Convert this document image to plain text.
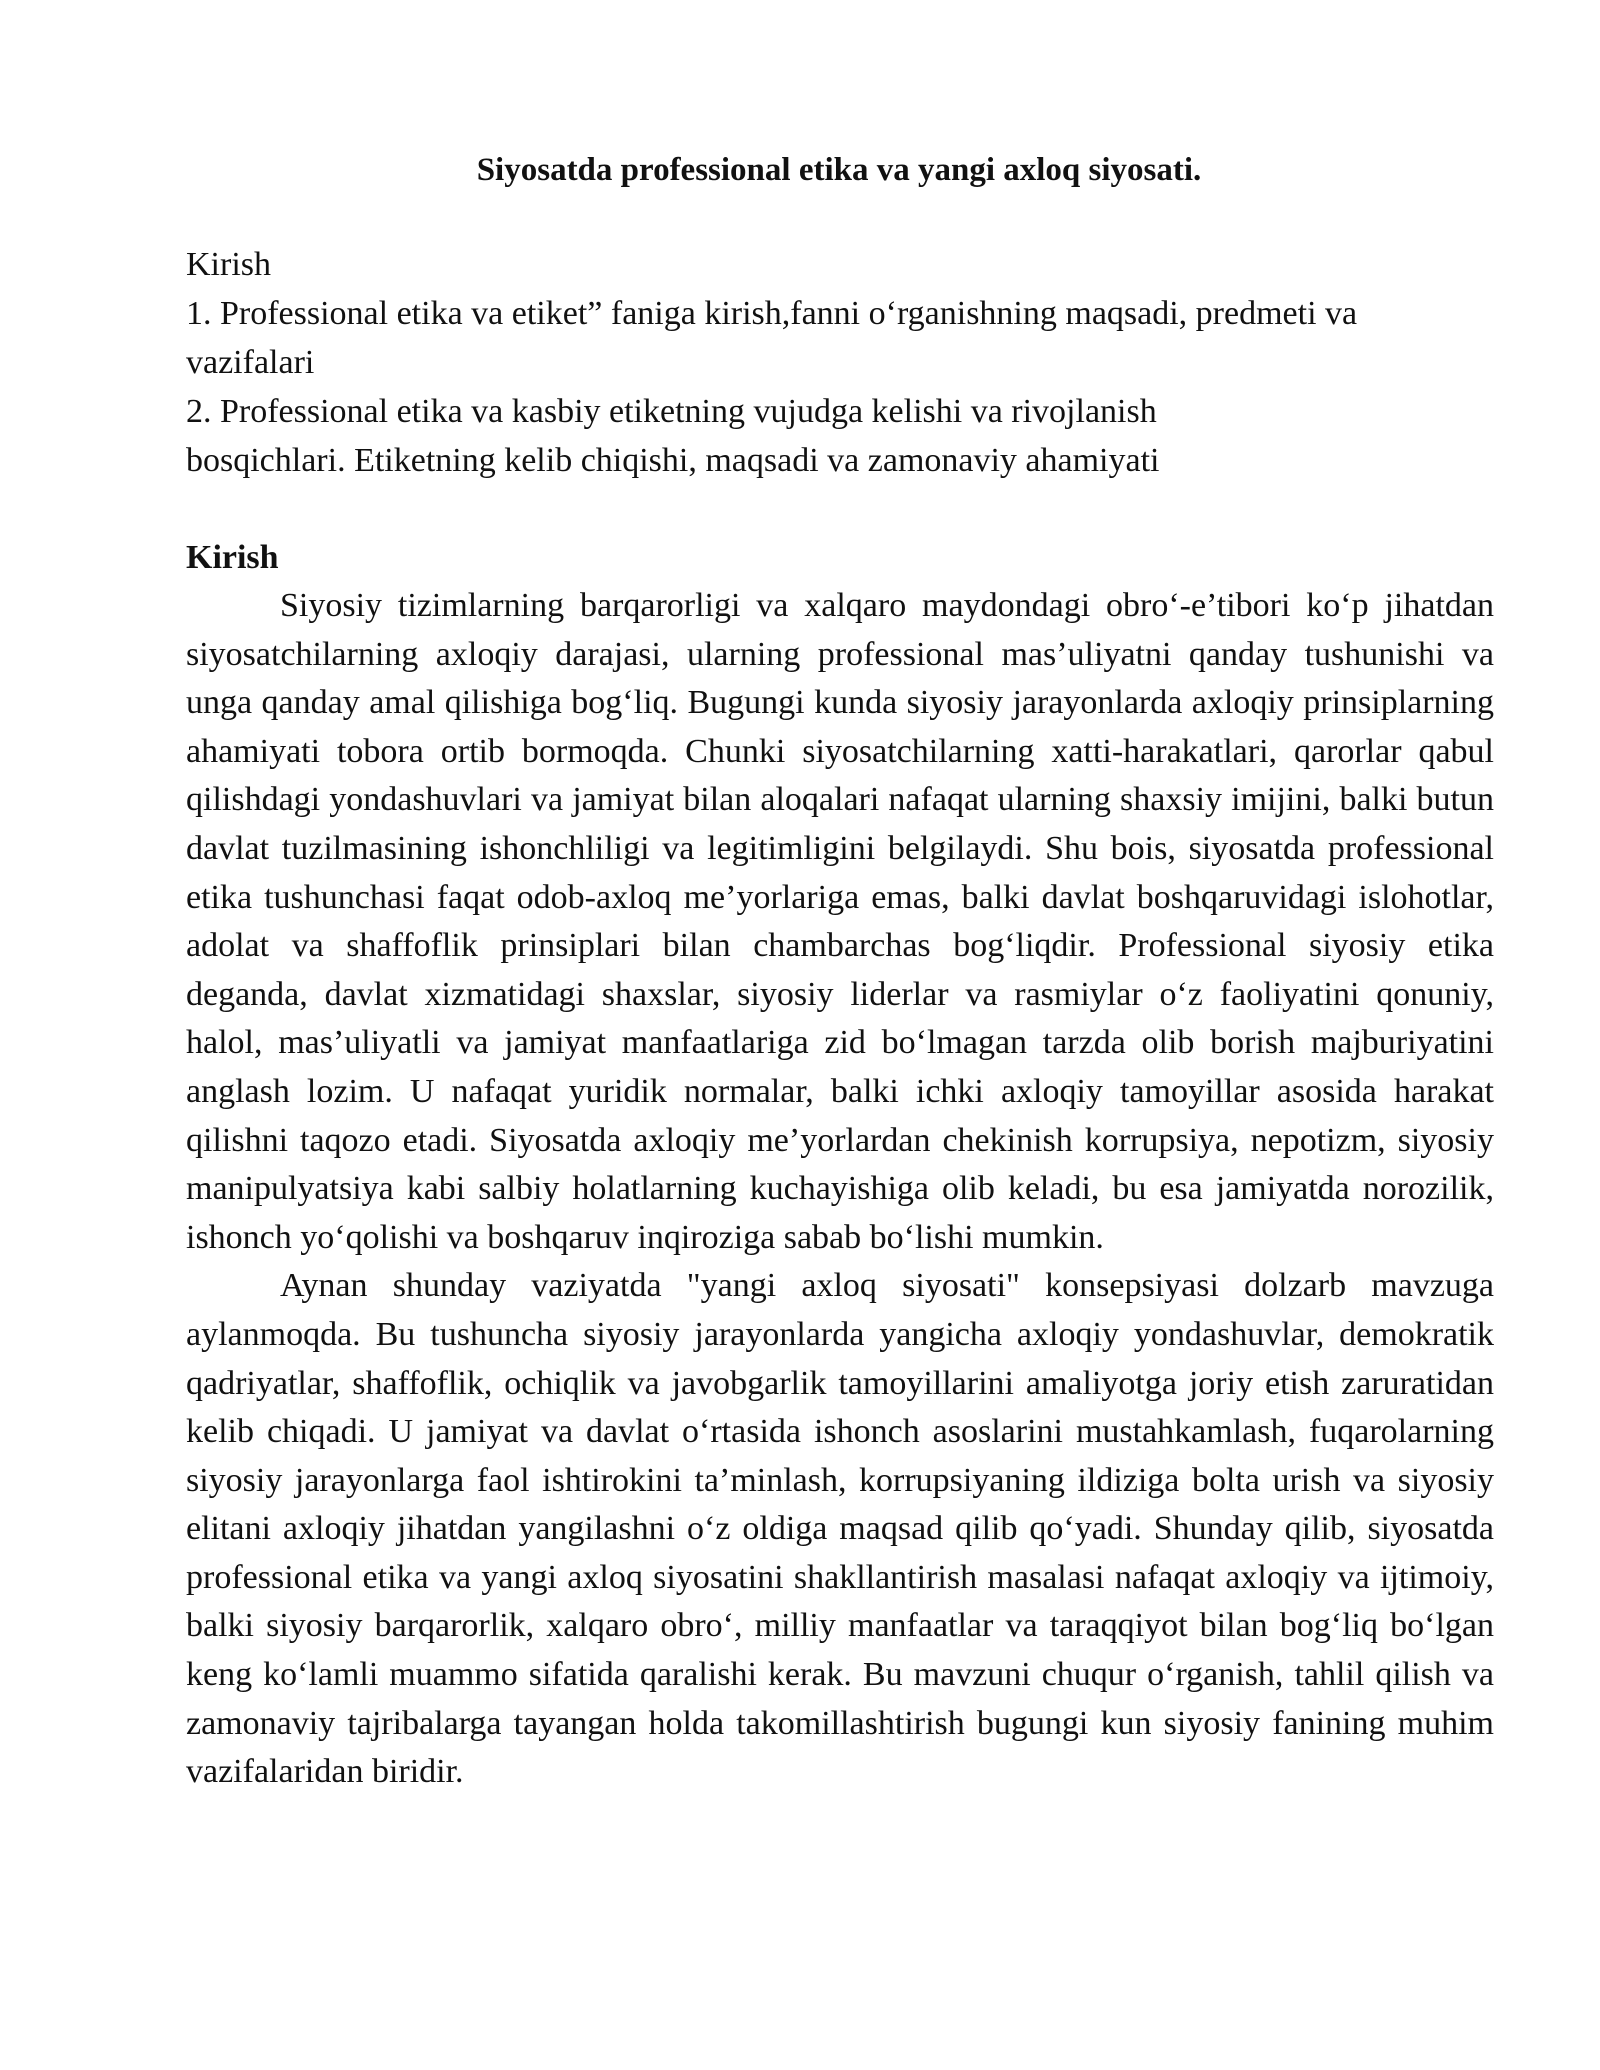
Siyosatda professional etika va yangi axloq siyosati.
Kirish
1. Professional etika va etiket” faniga kirish,fanni o‘rganishning maqsadi, predmeti va
vazifalari
2. Professional etika va kasbiy etiketning vujudga kelishi va rivojlanish
bosqichlari. Etiketning kelib chiqishi, maqsadi va zamonaviy ahamiyati
Kirish

Siyosiy tizimlarning barqarorligi va xalqaro maydondagi obro‘-e’tibori ko‘p jihatdan siyosatchilarning axloqiy darajasi, ularning professional mas’uliyatni qanday tushunishi va unga qanday amal qilishiga bog‘liq. Bugungi kunda siyosiy jarayonlarda axloqiy prinsiplarning ahamiyati tobora ortib bormoqda. Chunki siyosatchilarning xatti-harakatlari, qarorlar qabul qilishdagi yondashuvlari va jamiyat bilan aloqalari nafaqat ularning shaxsiy imijini, balki butun davlat tuzilmasining ishonchliligi va legitimligini belgilaydi. Shu bois, siyosatda professional etika tushunchasi faqat odob-axloq me’yorlariga emas, balki davlat boshqaruvidagi islohotlar, adolat va shaffoflik prinsiplari bilan chambarchas bog‘liqdir. Professional siyosiy etika deganda, davlat xizmatidagi shaxslar, siyosiy liderlar va rasmiylar o‘z faoliyatini qonuniy, halol, mas’uliyatli va jamiyat manfaatlariga zid bo‘lmagan tarzda olib borish majburiyatini anglash lozim. U nafaqat yuridik normalar, balki ichki axloqiy tamoyillar asosida harakat qilishni taqozo etadi. Siyosatda axloqiy me’yorlardan chekinish korrupsiya, nepotizm, siyosiy manipulyatsiya kabi salbiy holatlarning kuchayishiga olib keladi, bu esa jamiyatda norozilik, ishonch yo‘qolishi va boshqaruv inqiroziga sabab bo‘lishi mumkin.

Aynan shunday vaziyatda "yangi axloq siyosati" konsepsiyasi dolzarb mavzuga aylanmoqda. Bu tushuncha siyosiy jarayonlarda yangicha axloqiy yondashuvlar, demokratik qadriyatlar, shaffoflik, ochiqlik va javobgarlik tamoyillarini amaliyotga joriy etish zaruratidan kelib chiqadi. U jamiyat va davlat o‘rtasida ishonch asoslarini mustahkamlash, fuqarolarning siyosiy jarayonlarga faol ishtirokini ta’minlash, korrupsiyaning ildiziga bolta urish va siyosiy elitani axloqiy jihatdan yangilashni o‘z oldiga maqsad qilib qo‘yadi. Shunday qilib, siyosatda professional etika va yangi axloq siyosatini shakllantirish masalasi nafaqat axloqiy va ijtimoiy, balki siyosiy barqarorlik, xalqaro obro‘, milliy manfaatlar va taraqqiyot bilan bog‘liq bo‘lgan keng ko‘lamli muammo sifatida qaralishi kerak. Bu mavzuni chuqur o‘rganish, tahlil qilish va zamonaviy tajribalarga tayangan holda takomillashtirish bugungi kun siyosiy fanining muhim vazifalaridan biridir.
